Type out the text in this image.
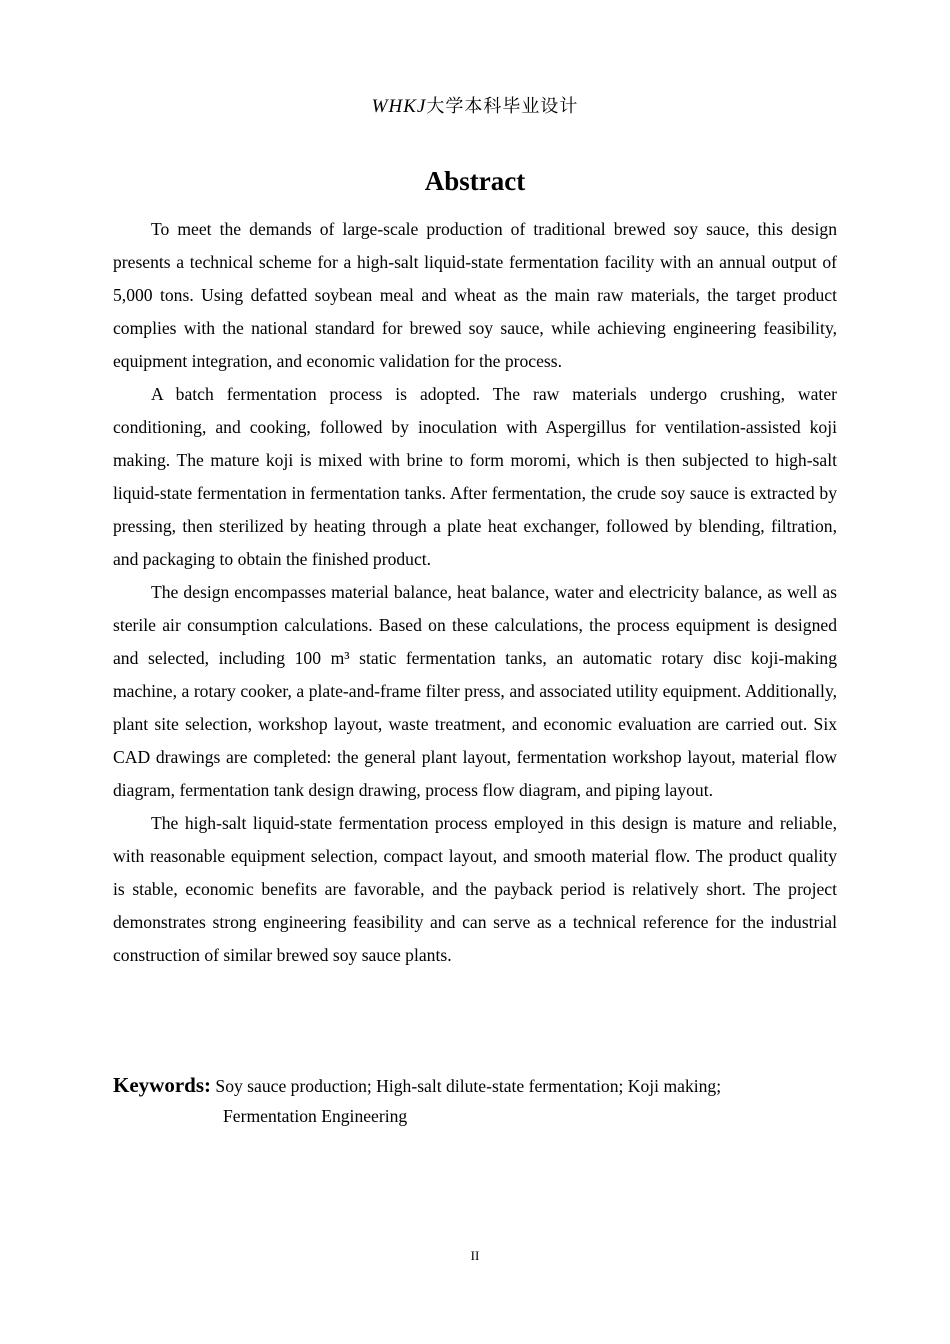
WHKJ大学本科毕业设计
Abstract

To meet the demands of large-scale production of traditional brewed soy sauce, this design presents a technical scheme for a high-salt liquid-state fermentation facility with an annual output of 5,000 tons. Using defatted soybean meal and wheat as the main raw materials, the target product complies with the national standard for brewed soy sauce, while achieving engineering feasibility, equipment integration, and economic validation for the process.

A batch fermentation process is adopted. The raw materials undergo crushing, water conditioning, and cooking, followed by inoculation with Aspergillus for ventilation-assisted koji making. The mature koji is mixed with brine to form moromi, which is then subjected to high-salt liquid-state fermentation in fermentation tanks. After fermentation, the crude soy sauce is extracted by pressing, then sterilized by heating through a plate heat exchanger, followed by blending, filtration, and packaging to obtain the finished product.

The design encompasses material balance, heat balance, water and electricity balance, as well as sterile air consumption calculations. Based on these calculations, the process equipment is designed and selected, including 100 m³ static fermentation tanks, an automatic rotary disc koji-making machine, a rotary cooker, a plate-and-frame filter press, and associated utility equipment. Additionally, plant site selection, workshop layout, waste treatment, and economic evaluation are carried out. Six CAD drawings are completed: the general plant layout, fermentation workshop layout, material flow diagram, fermentation tank design drawing, process flow diagram, and piping layout.

The high-salt liquid-state fermentation process employed in this design is mature and reliable, with reasonable equipment selection, compact layout, and smooth material flow. The product quality is stable, economic benefits are favorable, and the payback period is relatively short. The project demonstrates strong engineering feasibility and can serve as a technical reference for the industrial construction of similar brewed soy sauce plants.

Keywords: Soy sauce production; High-salt dilute-state fermentation; Koji making;
Fermentation Engineering
II
